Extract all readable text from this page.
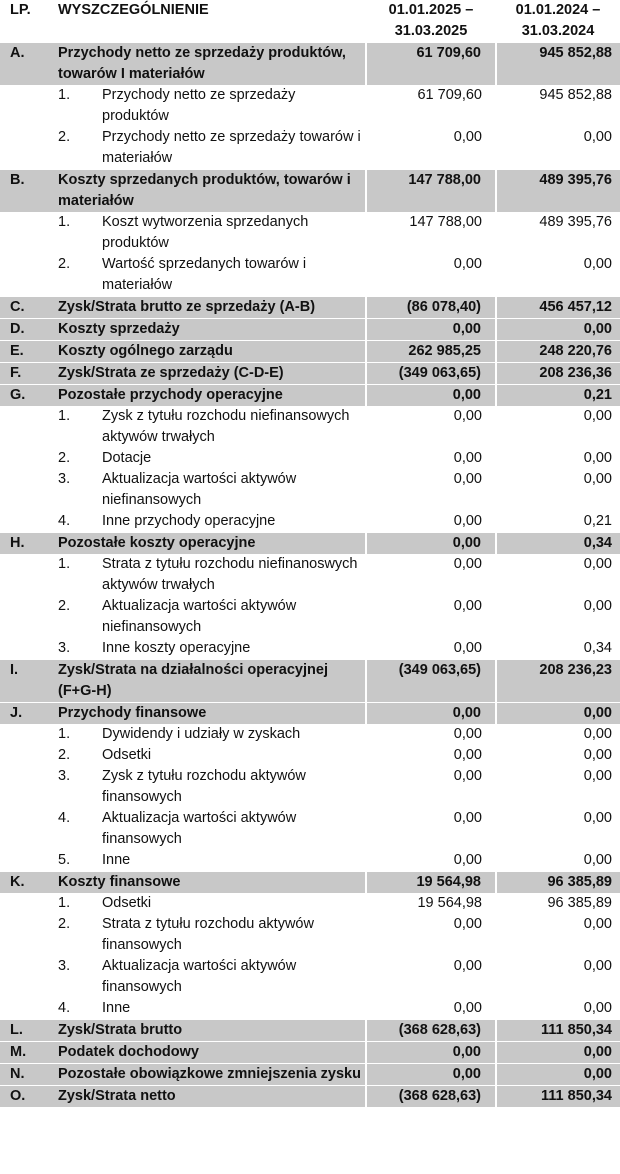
LP.	WYSZCZEGÓLNIENIE	01.01.2025 – 31.03.2025	01.01.2024 – 31.03.2024
A.	Przychody netto ze sprzedaży produktów, towarów I materiałów	61 709,60	945 852,88

	1. Przychody netto ze sprzedaży produktów	61 709,60	945 852,88

	2. Przychody netto ze sprzedaży towarów i materiałów	0,00	0,00
B.	Koszty sprzedanych produktów, towarów i materiałów	147 788,00	489 395,76

	1. Koszt wytworzenia sprzedanych produktów	147 788,00	489 395,76

	2. Wartość sprzedanych towarów i materiałów	0,00	0,00
C.	Zysk/Strata brutto ze sprzedaży (A-B)	(86 078,40)	456 457,12
D.	Koszty sprzedaży	0,00	0,00
E.	Koszty ogólnego zarządu	262 985,25	248 220,76
F.	Zysk/Strata ze sprzedaży (C-D-E)	(349 063,65)	208 236,36
G.	Pozostałe przychody operacyjne	0,00	0,21

	1. Zysk z tytułu rozchodu niefinansowych aktywów trwałych	0,00	0,00

	2. Dotacje	0,00	0,00

	3. Aktualizacja wartości aktywów niefinansowych	0,00	0,00

	4. Inne przychody operacyjne	0,00	0,21
H.	Pozostałe koszty operacyjne	0,00	0,34

	1. Strata z tytułu rozchodu niefinanoswych aktywów trwałych	0,00	0,00

	2. Aktualizacja wartości aktywów niefinansowych	0,00	0,00

	3. Inne koszty operacyjne	0,00	0,34
I.	Zysk/Strata na działalności operacyjnej (F+G-H)	(349 063,65)	208 236,23
J.	Przychody finansowe	0,00	0,00

	1. Dywidendy i udziały w zyskach	0,00	0,00

	2. Odsetki	0,00	0,00

	3. Zysk z tytułu rozchodu aktywów finansowych	0,00	0,00

	4. Aktualizacja wartości aktywów finansowych	0,00	0,00

	5. Inne	0,00	0,00
K.	Koszty finansowe	19 564,98	96 385,89

	1. Odsetki	19 564,98	96 385,89

	2. Strata z tytułu rozchodu aktywów finansowych	0,00	0,00

	3. Aktualizacja wartości aktywów finansowych	0,00	0,00

	4. Inne	0,00	0,00
L.	Zysk/Strata brutto	(368 628,63)	111 850,34
M.	Podatek dochodowy	0,00	0,00
N.	Pozostałe obowiązkowe zmniejszenia zysku	0,00	0,00
O.	Zysk/Strata netto	(368 628,63)	111 850,34
